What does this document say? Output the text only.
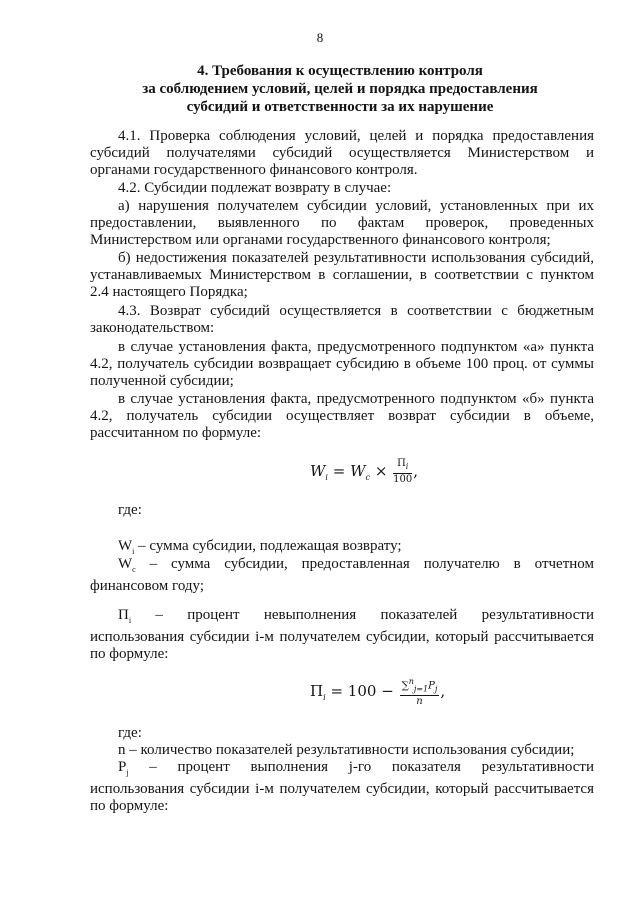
8
4. Требования к осуществлению контроля
за соблюдением условий, целей и порядка предоставления
субсидий и ответственности за их нарушение
4.1. Проверка соблюдения условий, целей и порядка предоставления
субсидий получателями субсидий осуществляется Министерством и
органами государственного финансового контроля.
4.2. Субсидии подлежат возврату в случае:
а) нарушения получателем субсидии условий, установленных при их
предоставлении, выявленного по фактам проверок, проведенных
Министерством или органами государственного финансового контроля;
б) недостижения показателей результативности использования субсидий,
устанавливаемых Министерством в соглашении, в соответствии с пунктом
2.4 настоящего Порядка;
4.3. Возврат субсидий осуществляется в соответствии с бюджетным
законодательством:
в случае установления факта, предусмотренного подпунктом «а» пункта
4.2, получатель субсидии возвращает субсидию в объеме 100 проц. от суммы
полученной субсидии;
в случае установления факта, предусмотренного подпунктом «б» пункта
4.2, получатель субсидии осуществляет возврат субсидии в объеме,
рассчитанном по формуле:
$W_i = W_c \times \frac{П_i}{100}$ ,
где:
$W_i$ – сумма субсидии, подлежащая возврату;
$W_c$ – сумма субсидии, предоставленная получателю в отчетном
финансовом году;
$П_i$ – процент невыполнения показателей результативности
использования субсидии i-м получателем субсидии, который рассчитывается
по формуле:
$П_i = 100 - \frac{\sum^n_{j=1}P_j}{n}$ ,
где:
n – количество показателей результативности использования субсидии;
$P_j$ – процент выполнения j-го показателя результативности
использования субсидии i-м получателем субсидии, который рассчитывается
по формуле:
